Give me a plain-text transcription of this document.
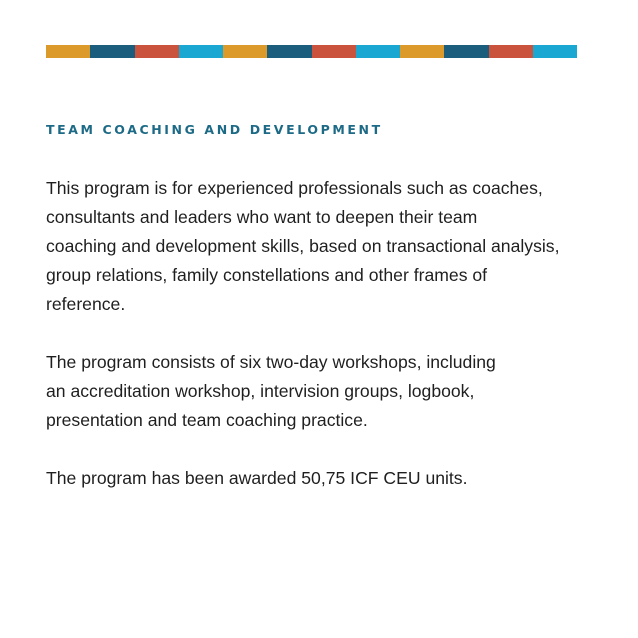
TEAM COACHING AND DEVELOPMENT

This program is for experienced professionals such as coaches,
consultants and leaders who want to deepen their team
coaching and development skills, based on transactional analysis,
group relations, family constellations and other frames of
reference.

The program consists of six two-day workshops, including
an accreditation workshop, intervision groups, logbook,
presentation and team coaching practice.

The program has been awarded 50,75 ICF CEU units.
